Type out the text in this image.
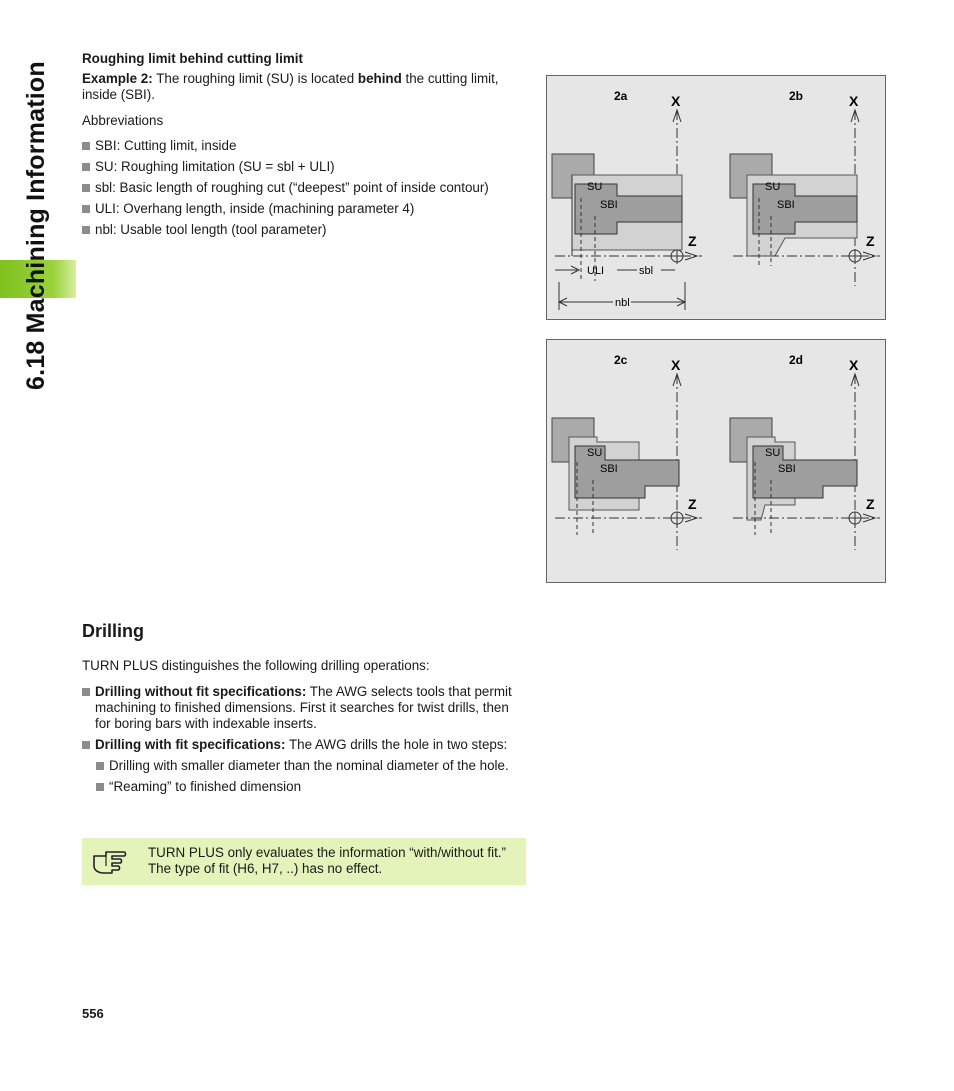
6.18 Machining Information
Roughing limit behind cutting limit
Example 2: The roughing limit (SU) is located behind the cutting limit, inside (SBI).
Abbreviations
SBI: Cutting limit, inside
SU: Roughing limitation (SU = sbl + ULI)
sbl: Basic length of roughing cut (“deepest” point of inside contour)
ULI: Overhang length, inside (machining parameter 4)
nbl: Usable tool length (tool parameter)
2a	X
Z
SU
SBI
ULI	sbl
nbl
2b	X
Z
SU
SBI
2c	X
Z
SU
SBI
2d	X
Z
SU
SBI
Drilling
TURN PLUS distinguishes the following drilling operations:
Drilling without fit specifications: The AWG selects tools that permit machining to finished dimensions. First it searches for twist drills, then for boring bars with indexable inserts.
Drilling with fit specifications: The AWG drills the hole in two steps:
Drilling with smaller diameter than the nominal diameter of the hole.
“Reaming” to finished dimension
TURN PLUS only evaluates the information “with/without fit.” The type of fit (H6, H7, ..) has no effect.
556
